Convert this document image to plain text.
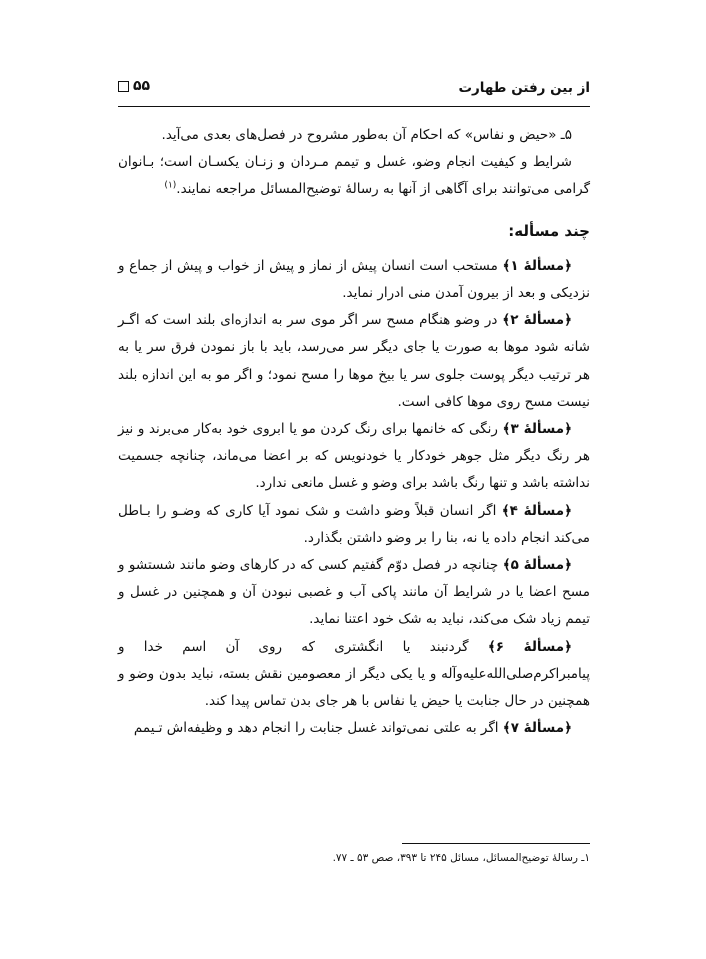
از بین رفتن طهارت
۵۵

۵ـ «حیض و نفاس» که احکام آن به‌طور مشروح در فصل‌های بعدی می‌آید.

شرایط و کیفیت انجام وضو، غسل و تیمم مـردان و زنـان یکسـان است؛ بـانوان گرامی می‌توانند برای آگاهی از آنها به رسالهٔ توضیح‌المسائل مراجعه نمایند.$^{(۱)}$

چند مسأله:

﴿مسألهٔ ۱﴾ مستحب است انسان پیش از نماز و پیش از خواب و پیش از جماع و نزدیکی و بعد از بیرون آمدن منی ادرار نماید.

﴿مسألهٔ ۲﴾ در وضو هنگام مسح سر اگر موی سر به اندازه‌ای بلند است که اگـر شانه شود موها به صورت یا جای دیگر سر می‌رسد، باید با باز نمودن فرق سر یا به هر ترتیب دیگر پوست جلوی سر یا بیخ موها را مسح نمود؛ و اگر مو به این اندازه بلند نیست مسح روی موها کافی است.

﴿مسألهٔ ۳﴾ رنگی که خانمها برای رنگ کردن مو یا ابروی خود به‌کار می‌برند و نیز هر رنگ دیگر مثل جوهر خودکار یا خودنویس که بر اعضا می‌ماند، چنانچه جسمیت نداشته باشد و تنها رنگ باشد برای وضو و غسل مانعی ندارد.

﴿مسألهٔ ۴﴾ اگر انسان قبلاً وضو داشت و شک نمود آیا کاری که وضـو را بـاطل می‌کند انجام داده یا نه، بنا را بر وضو داشتن بگذارد.

﴿مسألهٔ ۵﴾ چنانچه در فصل دوّم گفتیم کسی که در کارهای وضو مانند شستشو و مسح اعضا یا در شرایط آن مانند پاکی آب و غصبی نبودن آن و همچنین در غسل و تیمم زیاد شک می‌کند، نباید به شک خود اعتنا نماید.

﴿مسألهٔ ۶﴾ گردنبند یا انگشتری که روی آن اسم خدا و پیامبراکرم‌صلی‌الله‌علیه‌وآله و یا یکی دیگر از معصومین نقش بسته، نباید بدون وضو و همچنین در حال جنابت یا حیض یا نفاس با هر جای بدن تماس پیدا کند.

﴿مسألهٔ ۷﴾ اگر به علتی نمی‌تواند غسل جنابت را انجام دهد و وظیفه‌اش تـیمم

۱ـ رسالهٔ توضیح‌المسائل، مسائل ۲۴۵ تا ۳۹۳، صص ۵۳ ـ ۷۷.
